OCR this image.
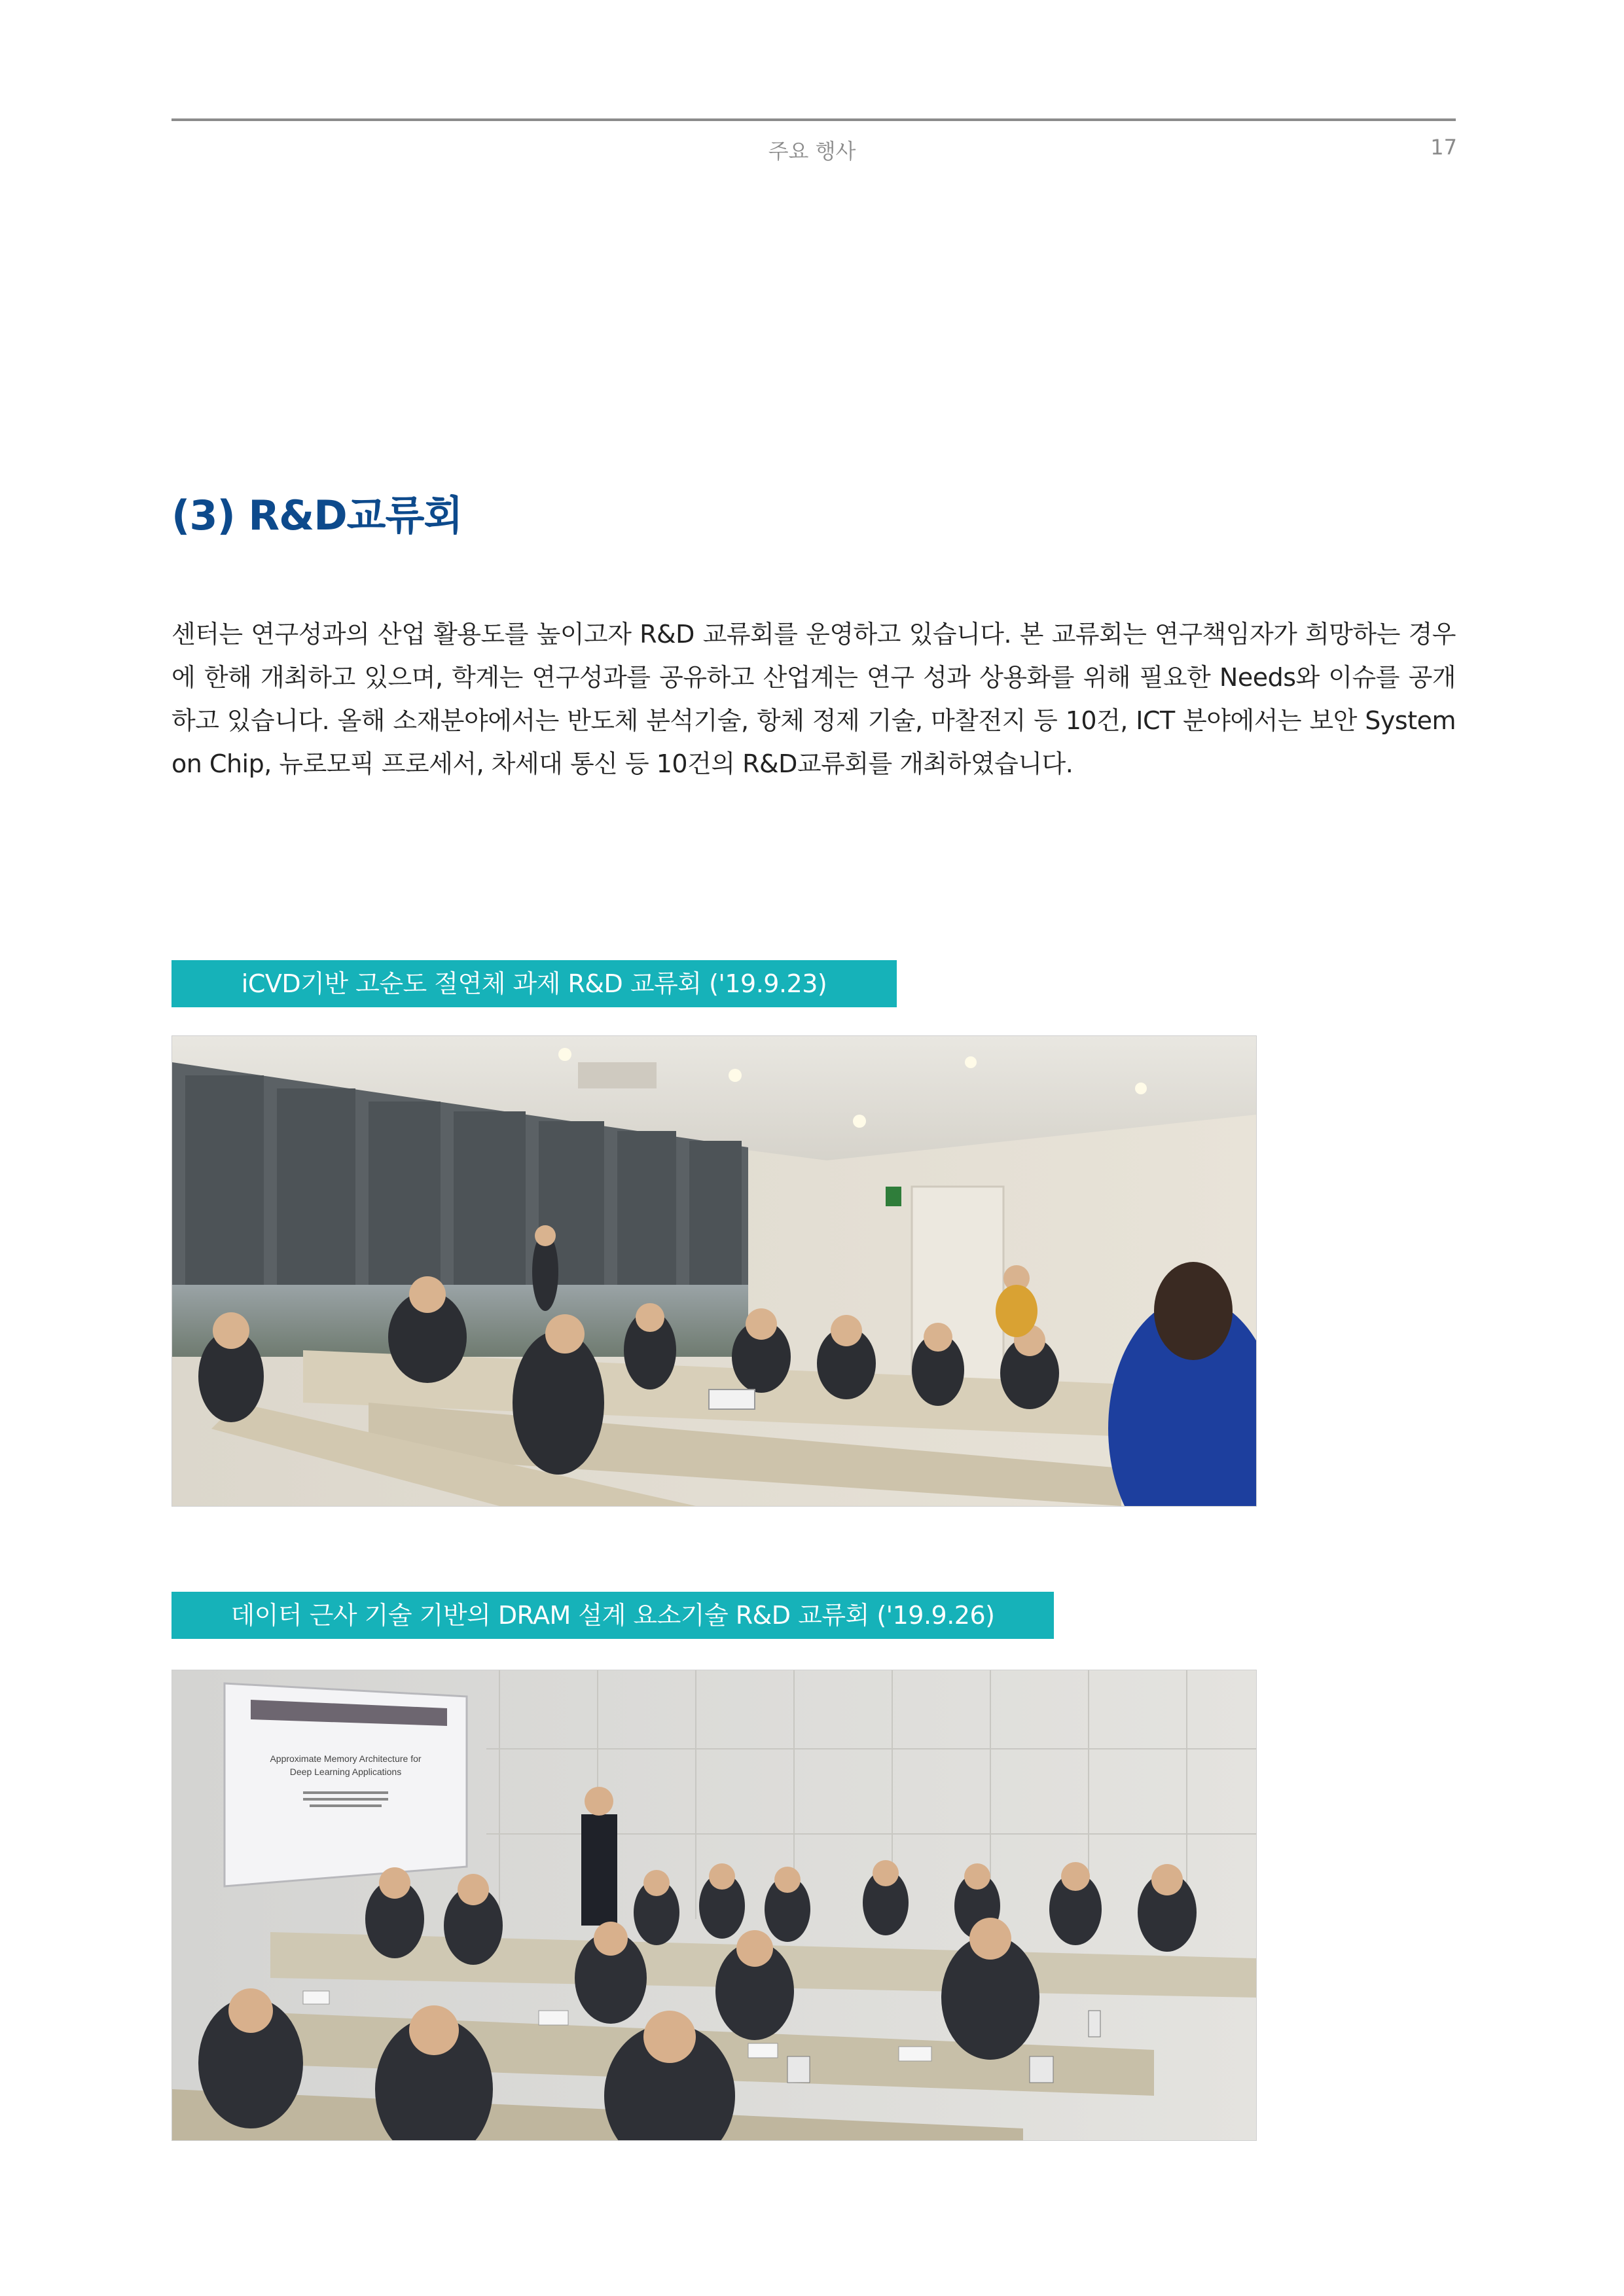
주요 행사	17
(3) R&D교류회
센터는 연구성과의 산업 활용도를 높이고자 R&D 교류회를 운영하고 있습니다. 본 교류회는 연구책임자가 희망하는 경우에 한해 개최하고 있으며, 학계는 연구성과를 공유하고 산업계는 연구 성과 상용화를 위해 필요한 Needs와 이슈를 공개하고 있습니다. 올해 소재분야에서는 반도체 분석기술, 항체 정제 기술, 마찰전지 등 10건, ICT 분야에서는 보안 System on Chip, 뉴로모픽 프로세서, 차세대 통신 등 10건의 R&D교류회를 개최하였습니다.
iCVD기반 고순도 절연체 과제 R&D 교류회 ('19.9.23)
데이터 근사 기술 기반의 DRAM 설계 요소기술 R&D 교류회 ('19.9.26)
Approximate Memory Architecture for
Deep Learning Applications
